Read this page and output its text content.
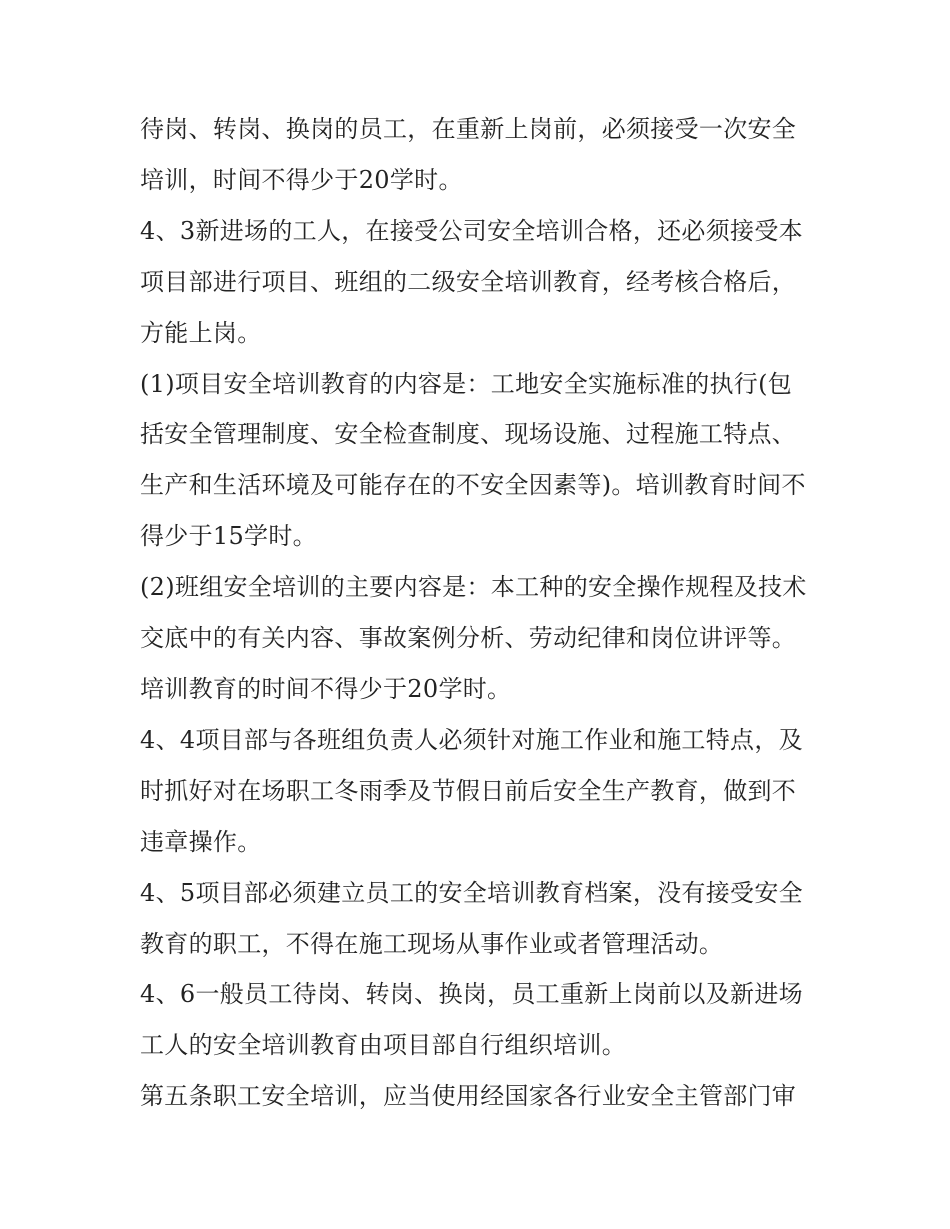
待岗、转岗、换岗的员工，在重新上岗前，必须接受一次安全培训，时间不得少于20学时。

4、3新进场的工人，在接受公司安全培训合格，还必须接受本项目部进行项目、班组的二级安全培训教育，经考核合格后，方能上岗。

(1)项目安全培训教育的内容是：工地安全实施标准的执行(包括安全管理制度、安全检查制度、现场设施、过程施工特点、生产和生活环境及可能存在的不安全因素等)。培训教育时间不得少于15学时。

(2)班组安全培训的主要内容是：本工种的安全操作规程及技术交底中的有关内容、事故案例分析、劳动纪律和岗位讲评等。培训教育的时间不得少于20学时。

4、4项目部与各班组负责人必须针对施工作业和施工特点，及时抓好对在场职工冬雨季及节假日前后安全生产教育，做到不违章操作。

4、5项目部必须建立员工的安全培训教育档案，没有接受安全教育的职工，不得在施工现场从事作业或者管理活动。

4、6一般员工待岗、转岗、换岗，员工重新上岗前以及新进场工人的安全培训教育由项目部自行组织培训。

第五条职工安全培训，应当使用经国家各行业安全主管部门审
